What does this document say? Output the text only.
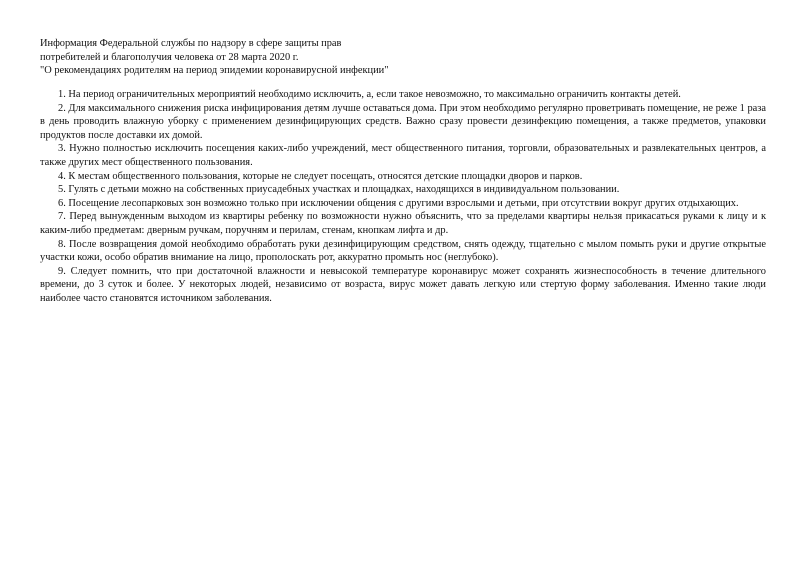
Информация Федеральной службы по надзору в сфере защиты прав
потребителей и благополучия человека от 28 марта 2020 г.
"О рекомендациях родителям на период эпидемии коронавирусной инфекции"

1. На период ограничительных мероприятий необходимо исключить, а, если такое невозможно, то максимально ограничить контакты детей.

2. Для максимального снижения риска инфицирования детям лучше оставаться дома. При этом необходимо регулярно проветривать помещение, не реже 1 раза в день проводить влажную уборку с применением дезинфицирующих средств. Важно сразу провести дезинфекцию помещения, а также предметов, упаковки продуктов после доставки их домой.

3. Нужно полностью исключить посещения каких-либо учреждений, мест общественного питания, торговли, образовательных и развлекательных центров, а также других мест общественного пользования.

4. К местам общественного пользования, которые не следует посещать, относятся детские площадки дворов и парков.

5. Гулять с детьми можно на собственных приусадебных участках и площадках, находящихся в индивидуальном пользовании.

6. Посещение лесопарковых зон возможно только при исключении общения с другими взрослыми и детьми, при отсутствии вокруг других отдыхающих.

7. Перед вынужденным выходом из квартиры ребенку по возможности нужно объяснить, что за пределами квартиры нельзя прикасаться руками к лицу и к каким-либо предметам: дверным ручкам, поручням и перилам, стенам, кнопкам лифта и др.

8. После возвращения домой необходимо обработать руки дезинфицирующим средством, снять одежду, тщательно с мылом помыть руки и другие открытые участки кожи, особо обратив внимание на лицо, прополоскать рот, аккуратно промыть нос (неглубоко).

9. Следует помнить, что при достаточной влажности и невысокой температуре коронавирус может сохранять жизнеспособность в течение длительного времени, до 3 суток и более. У некоторых людей, независимо от возраста, вирус может давать легкую или стертую форму заболевания. Именно такие люди наиболее часто становятся источником заболевания.
